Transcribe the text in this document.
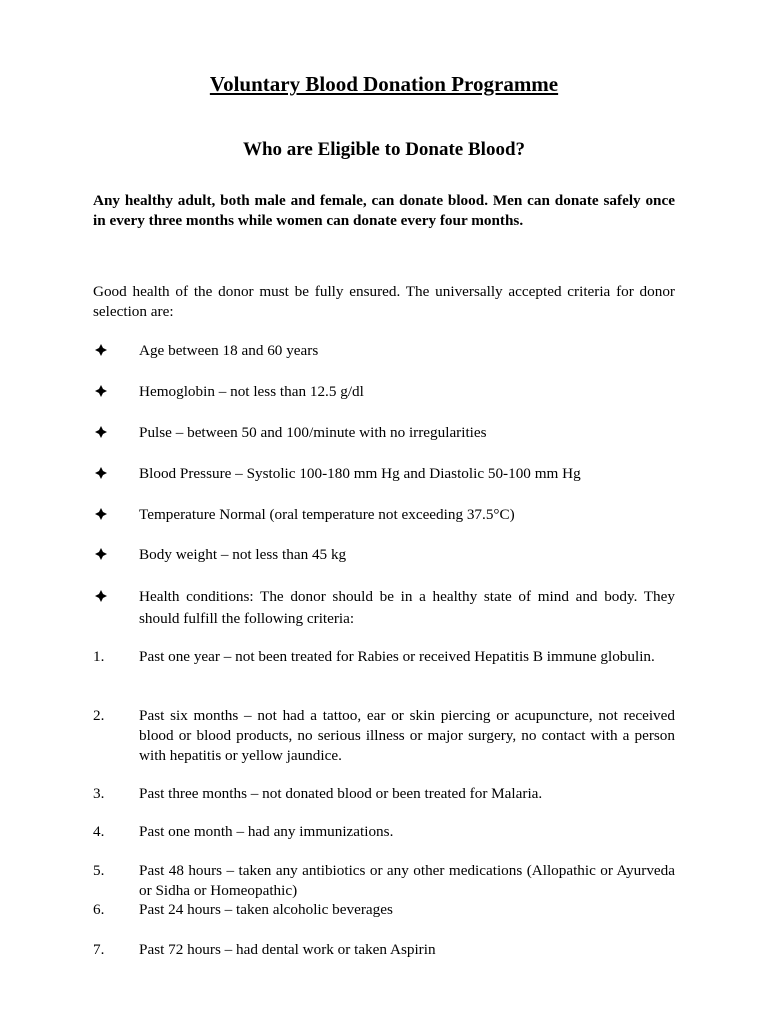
Voluntary Blood Donation Programme
Who are Eligible to Donate Blood?
Any healthy adult, both male and female, can donate blood. Men can donate safely once in every three months while women can donate every four months.
Good health of the donor must be fully ensured. The universally accepted criteria for donor selection are:
Age between 18 and 60 years
Hemoglobin – not less than 12.5 g/dl
Pulse – between 50 and 100/minute with no irregularities
Blood Pressure – Systolic 100-180 mm Hg and Diastolic 50-100 mm Hg
Temperature Normal (oral temperature not exceeding 37.5°C)
Body weight – not less than 45 kg
Health conditions: The donor should be in a healthy state of mind and body. They should fulfill the following criteria:
1.	Past one year – not been treated for Rabies or received Hepatitis B immune globulin.
2.	Past six months – not had a tattoo, ear or skin piercing or acupuncture, not received blood or blood products, no serious illness or major surgery, no contact with a person with hepatitis or yellow jaundice.
3.	Past three months – not donated blood or been treated for Malaria.
4.	Past one month – had any immunizations.
5.	Past 48 hours – taken any antibiotics or any other medications (Allopathic or Ayurveda or Sidha or Homeopathic)
6.	Past 24 hours – taken alcoholic beverages
7.	Past 72 hours – had dental work or taken Aspirin
